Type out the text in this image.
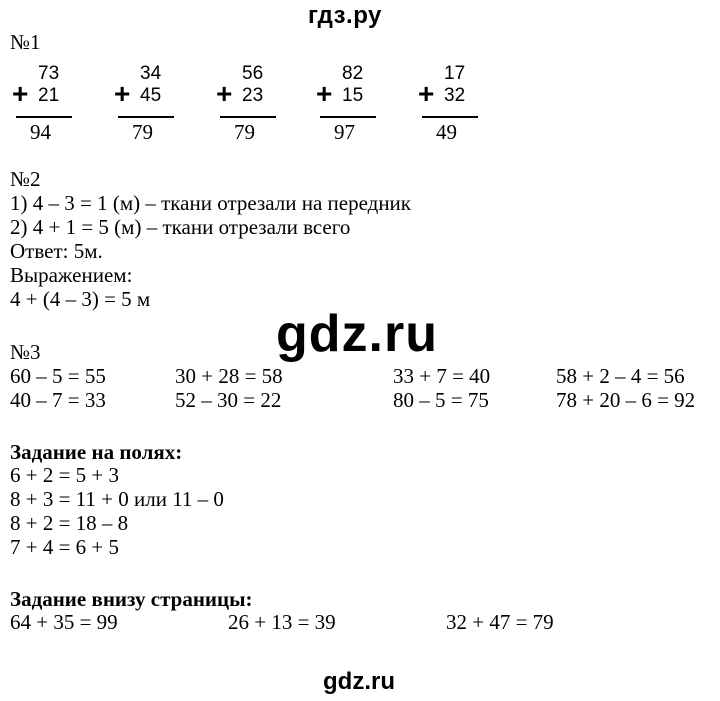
гдз.ру
gdz.ru
gdz.ru
№1
+
73
21
94
+
34
45
79
+
56
23
79
+
82
15
97
+
17
32
49
№2
1) 4 – 3 = 1 (м) – ткани отрезали на передник
2) 4 + 1 = 5 (м) – ткани отрезали всего
Ответ: 5м.
Выражением:
4 + (4 – 3) = 5 м
№3
60 – 5 = 55	30 + 28 = 58	33 + 7 = 40	58 + 2 – 4 = 56
40 – 7 = 33	52 – 30 = 22	80 – 5 = 75	78 + 20 – 6 = 92
Задание на полях:
6 + 2 = 5 + 3
8 + 3 = 11 + 0 или 11 – 0
8 + 2 = 18 – 8
7 + 4 = 6 + 5
Задание внизу страницы:
64 + 35 = 99	26 + 13 = 39	32 + 47 = 79
